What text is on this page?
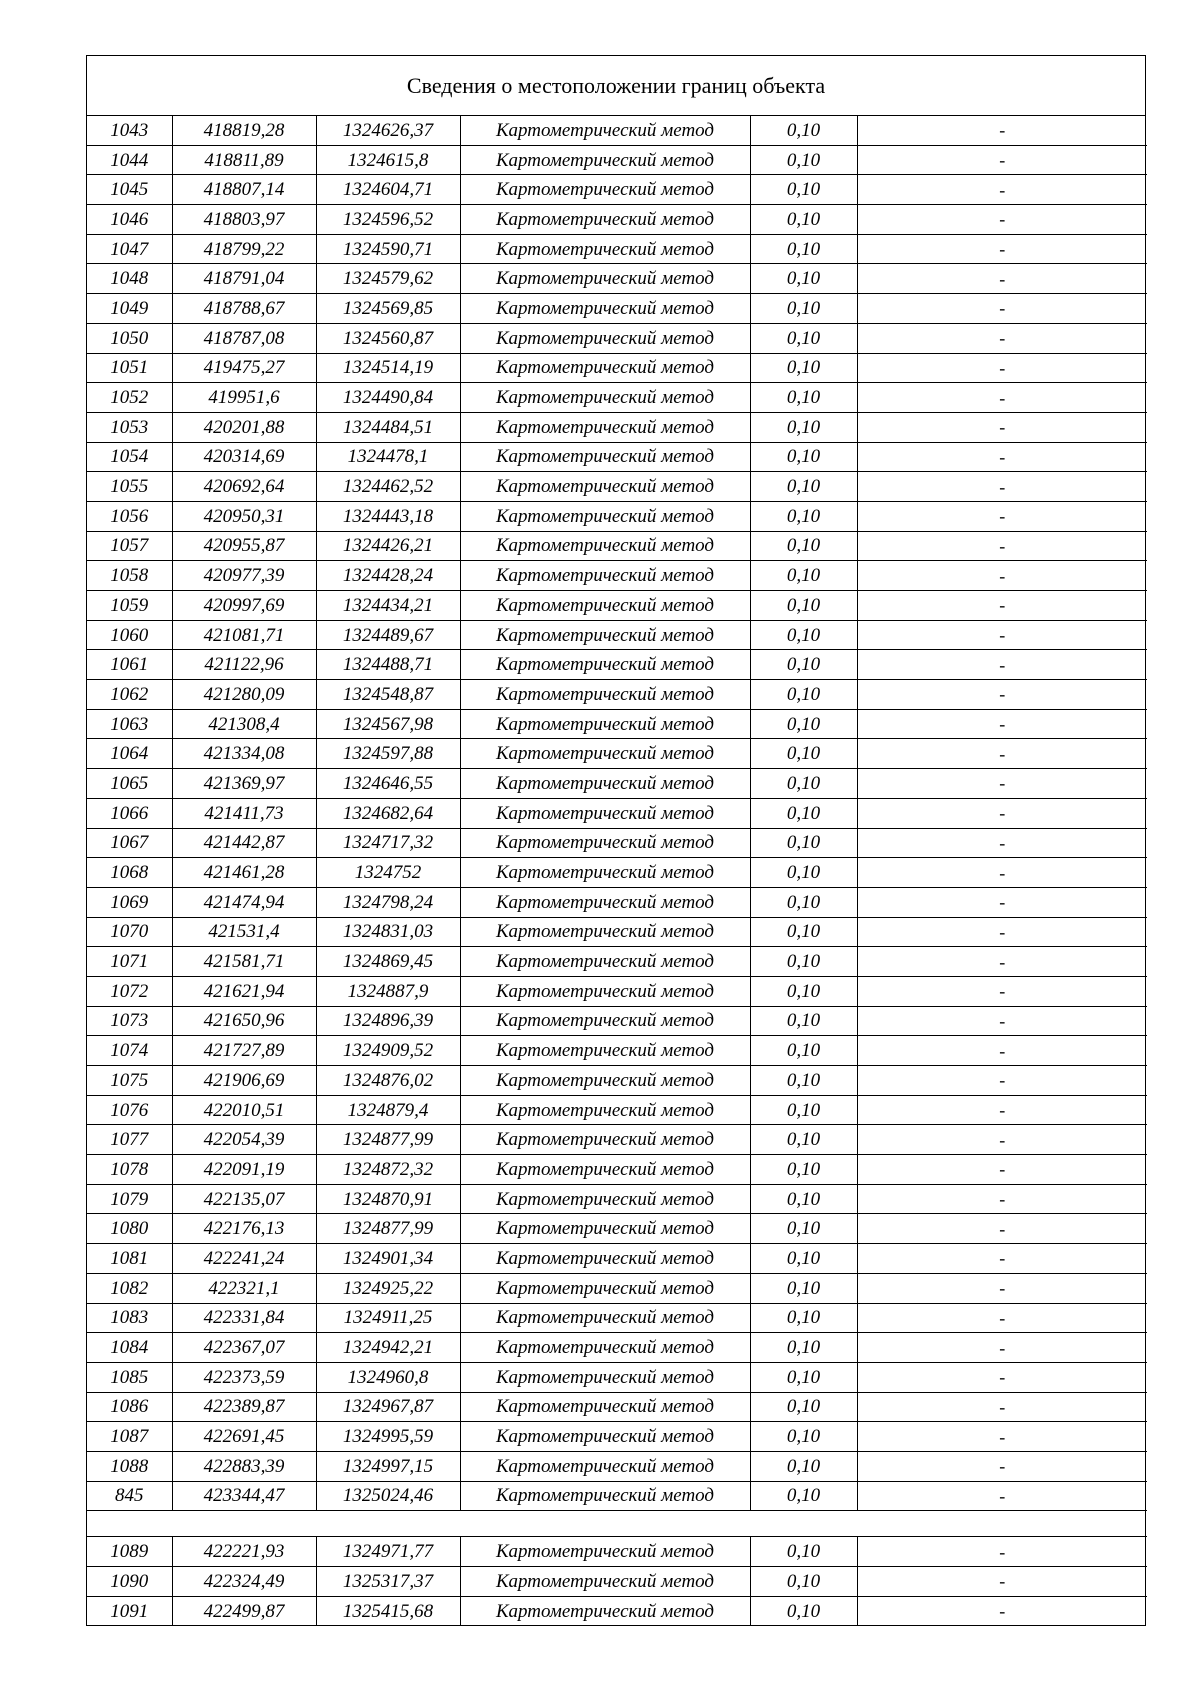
Сведения о местоположении границ объекта
1043	418819,28	1324626,37	Картометрический метод	0,10	-
1044	418811,89	1324615,8	Картометрический метод	0,10	-
1045	418807,14	1324604,71	Картометрический метод	0,10	-
1046	418803,97	1324596,52	Картометрический метод	0,10	-
1047	418799,22	1324590,71	Картометрический метод	0,10	-
1048	418791,04	1324579,62	Картометрический метод	0,10	-
1049	418788,67	1324569,85	Картометрический метод	0,10	-
1050	418787,08	1324560,87	Картометрический метод	0,10	-
1051	419475,27	1324514,19	Картометрический метод	0,10	-
1052	419951,6	1324490,84	Картометрический метод	0,10	-
1053	420201,88	1324484,51	Картометрический метод	0,10	-
1054	420314,69	1324478,1	Картометрический метод	0,10	-
1055	420692,64	1324462,52	Картометрический метод	0,10	-
1056	420950,31	1324443,18	Картометрический метод	0,10	-
1057	420955,87	1324426,21	Картометрический метод	0,10	-
1058	420977,39	1324428,24	Картометрический метод	0,10	-
1059	420997,69	1324434,21	Картометрический метод	0,10	-
1060	421081,71	1324489,67	Картометрический метод	0,10	-
1061	421122,96	1324488,71	Картометрический метод	0,10	-
1062	421280,09	1324548,87	Картометрический метод	0,10	-
1063	421308,4	1324567,98	Картометрический метод	0,10	-
1064	421334,08	1324597,88	Картометрический метод	0,10	-
1065	421369,97	1324646,55	Картометрический метод	0,10	-
1066	421411,73	1324682,64	Картометрический метод	0,10	-
1067	421442,87	1324717,32	Картометрический метод	0,10	-
1068	421461,28	1324752	Картометрический метод	0,10	-
1069	421474,94	1324798,24	Картометрический метод	0,10	-
1070	421531,4	1324831,03	Картометрический метод	0,10	-
1071	421581,71	1324869,45	Картометрический метод	0,10	-
1072	421621,94	1324887,9	Картометрический метод	0,10	-
1073	421650,96	1324896,39	Картометрический метод	0,10	-
1074	421727,89	1324909,52	Картометрический метод	0,10	-
1075	421906,69	1324876,02	Картометрический метод	0,10	-
1076	422010,51	1324879,4	Картометрический метод	0,10	-
1077	422054,39	1324877,99	Картометрический метод	0,10	-
1078	422091,19	1324872,32	Картометрический метод	0,10	-
1079	422135,07	1324870,91	Картометрический метод	0,10	-
1080	422176,13	1324877,99	Картометрический метод	0,10	-
1081	422241,24	1324901,34	Картометрический метод	0,10	-
1082	422321,1	1324925,22	Картометрический метод	0,10	-
1083	422331,84	1324911,25	Картометрический метод	0,10	-
1084	422367,07	1324942,21	Картометрический метод	0,10	-
1085	422373,59	1324960,8	Картометрический метод	0,10	-
1086	422389,87	1324967,87	Картометрический метод	0,10	-
1087	422691,45	1324995,59	Картометрический метод	0,10	-
1088	422883,39	1324997,15	Картометрический метод	0,10	-
845	423344,47	1325024,46	Картометрический метод	0,10	-

1089	422221,93	1324971,77	Картометрический метод	0,10	-
1090	422324,49	1325317,37	Картометрический метод	0,10	-
1091	422499,87	1325415,68	Картометрический метод	0,10	-
